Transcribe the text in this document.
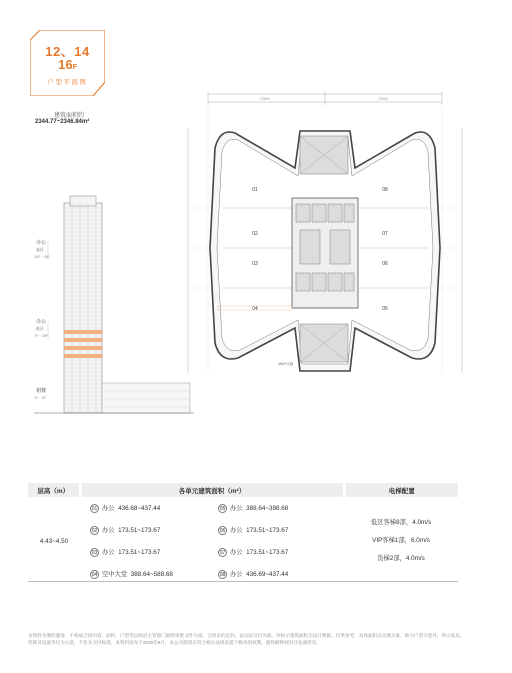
12、14
16F
户型平面图
建筑面积约
2344.77~2346.84m²
办公
高区
18F ~ 44F
办公
低区
7F ~ 29F
裙楼
1F ~ 6F
12600	12600
01
02
03
04	05
06
07
08
46m²走廊
层高（m）	各单元建筑面积（m²）		电梯配置
4.43~4.50	01 办公 436.68~437.44	05 办公 388.64~398.68	低区客梯8部，4.0m/s
VIP客梯1部，6.0m/s
货梯2部，4.0m/s

	02 办公 173.51~173.67	06 办公 173.51~173.67	
	03 办公 173.51~173.67	07 办公 173.51~173.67	
	04 空中大堂 388.64~588.68	08 办公 436.69~437.44	
本资料为要约邀请，不构成合同内容。面积、户型等以政府主管部门最终审批文件为准，合同未约定的，以实际交付为准。所标示建筑面积为设计数据，仅供参考，具体面积以实测为准。除为户型示意外，所示家具、装饰及设备等仅为示意，不作为交付标准。本资料发布于2025年9月，本公司保留在符合相关法规前提下修改的权利，最终解释权归开发商所有。
